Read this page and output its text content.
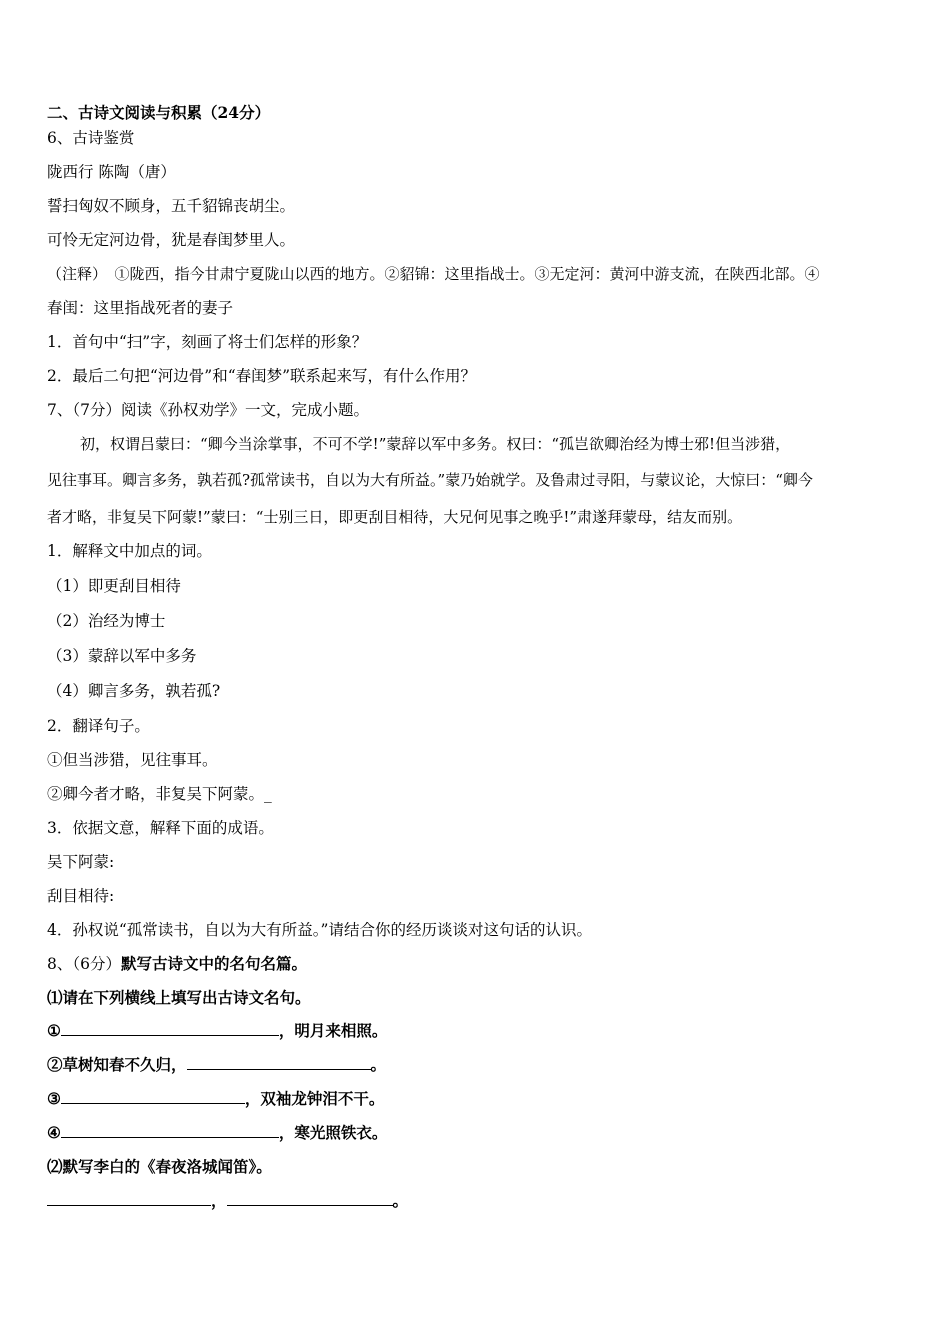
二、古诗文阅读与积累（24分）
6、古诗鉴赏
陇西行 陈陶（唐）
誓扫匈奴不顾身，五千貂锦丧胡尘。
可怜无定河边骨，犹是春闺梦里人。
（注释）　①陇西，指今甘肃宁夏陇山以西的地方。②貂锦：这里指战士。③无定河：黄河中游支流，在陕西北部。④
春闺：这里指战死者的妻子
1．首句中“扫”字，刻画了将士们怎样的形象？
2．最后二句把“河边骨”和“春闺梦”联系起来写，有什么作用？
7、（7分）阅读《孙权劝学》一文，完成小题。
初，权谓吕蒙曰：“卿今当涂掌事，不可不学!”蒙辞以军中多务。权曰：“孤岂欲卿治经为博士邪!但当涉猎，
见往事耳。卿言多务，孰若孤?孤常读书，自以为大有所益。”蒙乃始就学。及鲁肃过寻阳，与蒙议论，大惊曰：“卿今
者才略，非复吴下阿蒙!”蒙曰：“士别三日，即更刮目相待，大兄何见事之晚乎!”肃遂拜蒙母，结友而别。
1．解释文中加点的词。
（1）即更刮目相待
（2）治经为博士
（3）蒙辞以军中多务
（4）卿言多务，孰若孤?
2．翻译句子。
①但当涉猎，见往事耳。
②卿今者才略，非复吴下阿蒙。_
3．依据文意，解释下面的成语。
吴下阿蒙:
刮目相待:
4．孙权说“孤常读书，自以为大有所益。”请结合你的经历谈谈对这句话的认识。
8、（6分）默写古诗文中的名句名篇。
⑴请在下列横线上填写出古诗文名句。
①	，明月来相照。
②草树知春不久归，	。
③	，双袖龙钟泪不干。
④	，寒光照铁衣。
⑵默写李白的《春夜洛城闻笛》。
，	。
